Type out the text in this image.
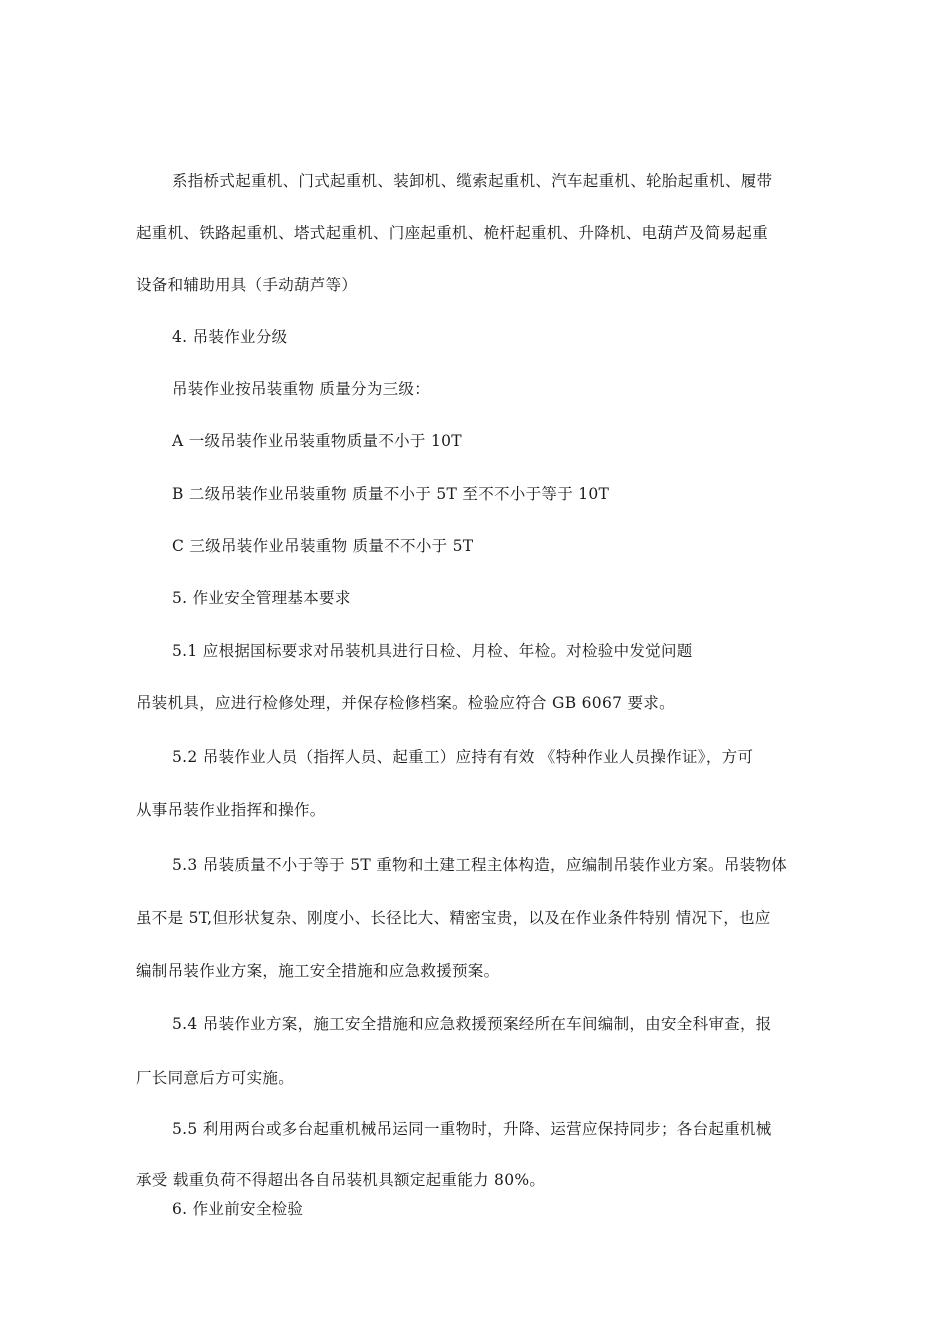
系指桥式起重机、门式起重机、装卸机、缆索起重机、汽车起重机、轮胎起重机、履带
起重机、铁路起重机、塔式起重机、门座起重机、桅杆起重机、升降机、电葫芦及简易起重
设备和辅助用具（手动葫芦等）
4. 吊装作业分级
吊装作业按吊装重物 质量分为三级：
A 一级吊装作业吊装重物质量不小于 10T
B 二级吊装作业吊装重物 质量不小于 5T 至不不小于等于 10T
C 三级吊装作业吊装重物 质量不不小于 5T
5. 作业安全管理基本要求
5.1 应根据国标要求对吊装机具进行日检、月检、年检。对检验中发觉问题
吊装机具，应进行检修处理，并保存检修档案。检验应符合 GB 6067 要求。
5.2 吊装作业人员（指挥人员、起重工）应持有有效 《特种作业人员操作证》，方可
从事吊装作业指挥和操作。
5.3 吊装质量不小于等于 5T 重物和土建工程主体构造，应编制吊装作业方案。吊装物体
虽不是 5T,但形状复杂、刚度小、长径比大、精密宝贵，以及在作业条件特别 情况下，也应
编制吊装作业方案，施工安全措施和应急救援预案。
5.4 吊装作业方案，施工安全措施和应急救援预案经所在车间编制，由安全科审查，报
厂长同意后方可实施。
5.5 利用两台或多台起重机械吊运同一重物时，升降、运营应保持同步；各台起重机械
承受 载重负荷不得超出各自吊装机具额定起重能力 80%。
6. 作业前安全检验
